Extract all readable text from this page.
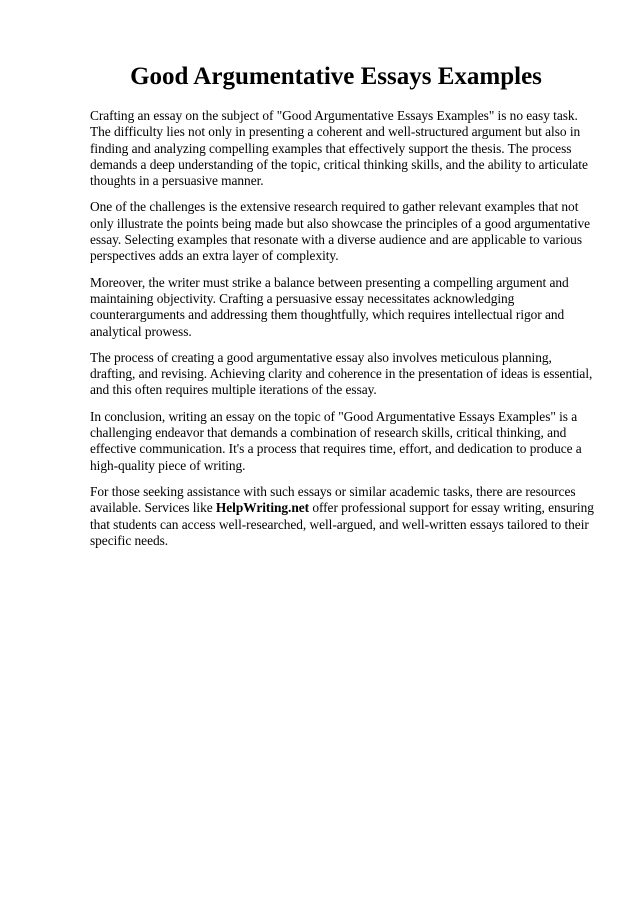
Good Argumentative Essays Examples

Crafting an essay on the subject of "Good Argumentative Essays Examples" is no easy task. The difficulty lies not only in presenting a coherent and well-structured argument but also in finding and analyzing compelling examples that effectively support the thesis. The process demands a deep understanding of the topic, critical thinking skills, and the ability to articulate thoughts in a persuasive manner.

One of the challenges is the extensive research required to gather relevant examples that not only illustrate the points being made but also showcase the principles of a good argumentative essay. Selecting examples that resonate with a diverse audience and are applicable to various perspectives adds an extra layer of complexity.

Moreover, the writer must strike a balance between presenting a compelling argument and maintaining objectivity. Crafting a persuasive essay necessitates acknowledging counterarguments and addressing them thoughtfully, which requires intellectual rigor and analytical prowess.

The process of creating a good argumentative essay also involves meticulous planning, drafting, and revising. Achieving clarity and coherence in the presentation of ideas is essential, and this often requires multiple iterations of the essay.

In conclusion, writing an essay on the topic of "Good Argumentative Essays Examples" is a challenging endeavor that demands a combination of research skills, critical thinking, and effective communication. It's a process that requires time, effort, and dedication to produce a high-quality piece of writing.

For those seeking assistance with such essays or similar academic tasks, there are resources available. Services like HelpWriting.net offer professional support for essay writing, ensuring that students can access well-researched, well-argued, and well-written essays tailored to their specific needs.
